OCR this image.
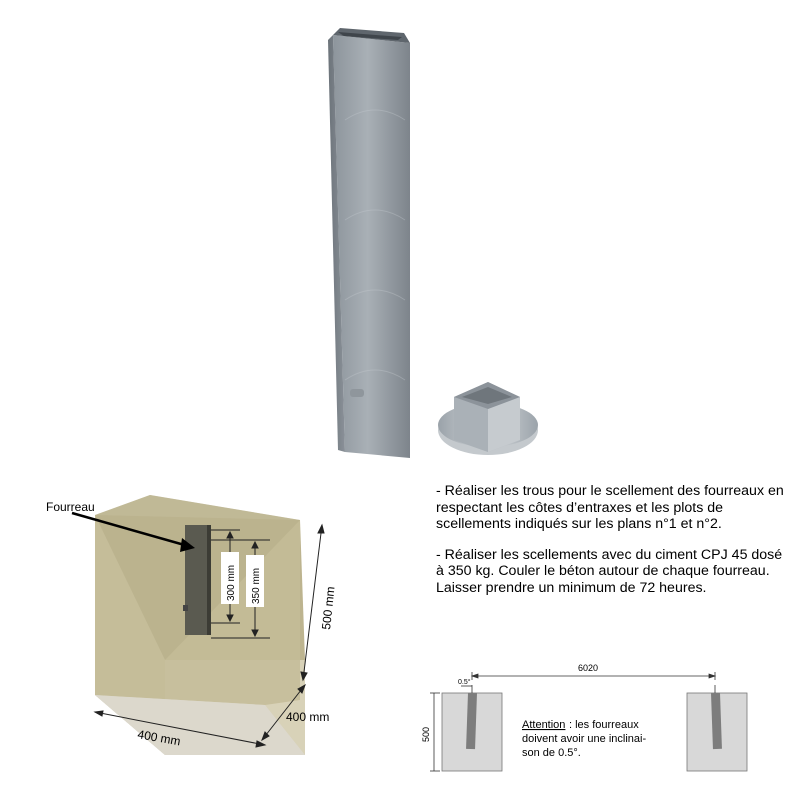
300 mm 350 mm
Fourreau
500 mm
400 mm
400 mm

- Réaliser les trous pour le scellement des fourreaux en respectant les côtes d’entraxes et les plots de scellements indiqués sur les plans n°1 et n°2.

- Réaliser les scellements avec du ciment CPJ 45 dosé à 350 kg. Couler le béton autour de chaque fourreau. Laisser prendre un minimum de 72 heures.

6020
0.5°
500
Attention : les fourreaux
doivent avoir une inclinai-
son de 0.5°.
